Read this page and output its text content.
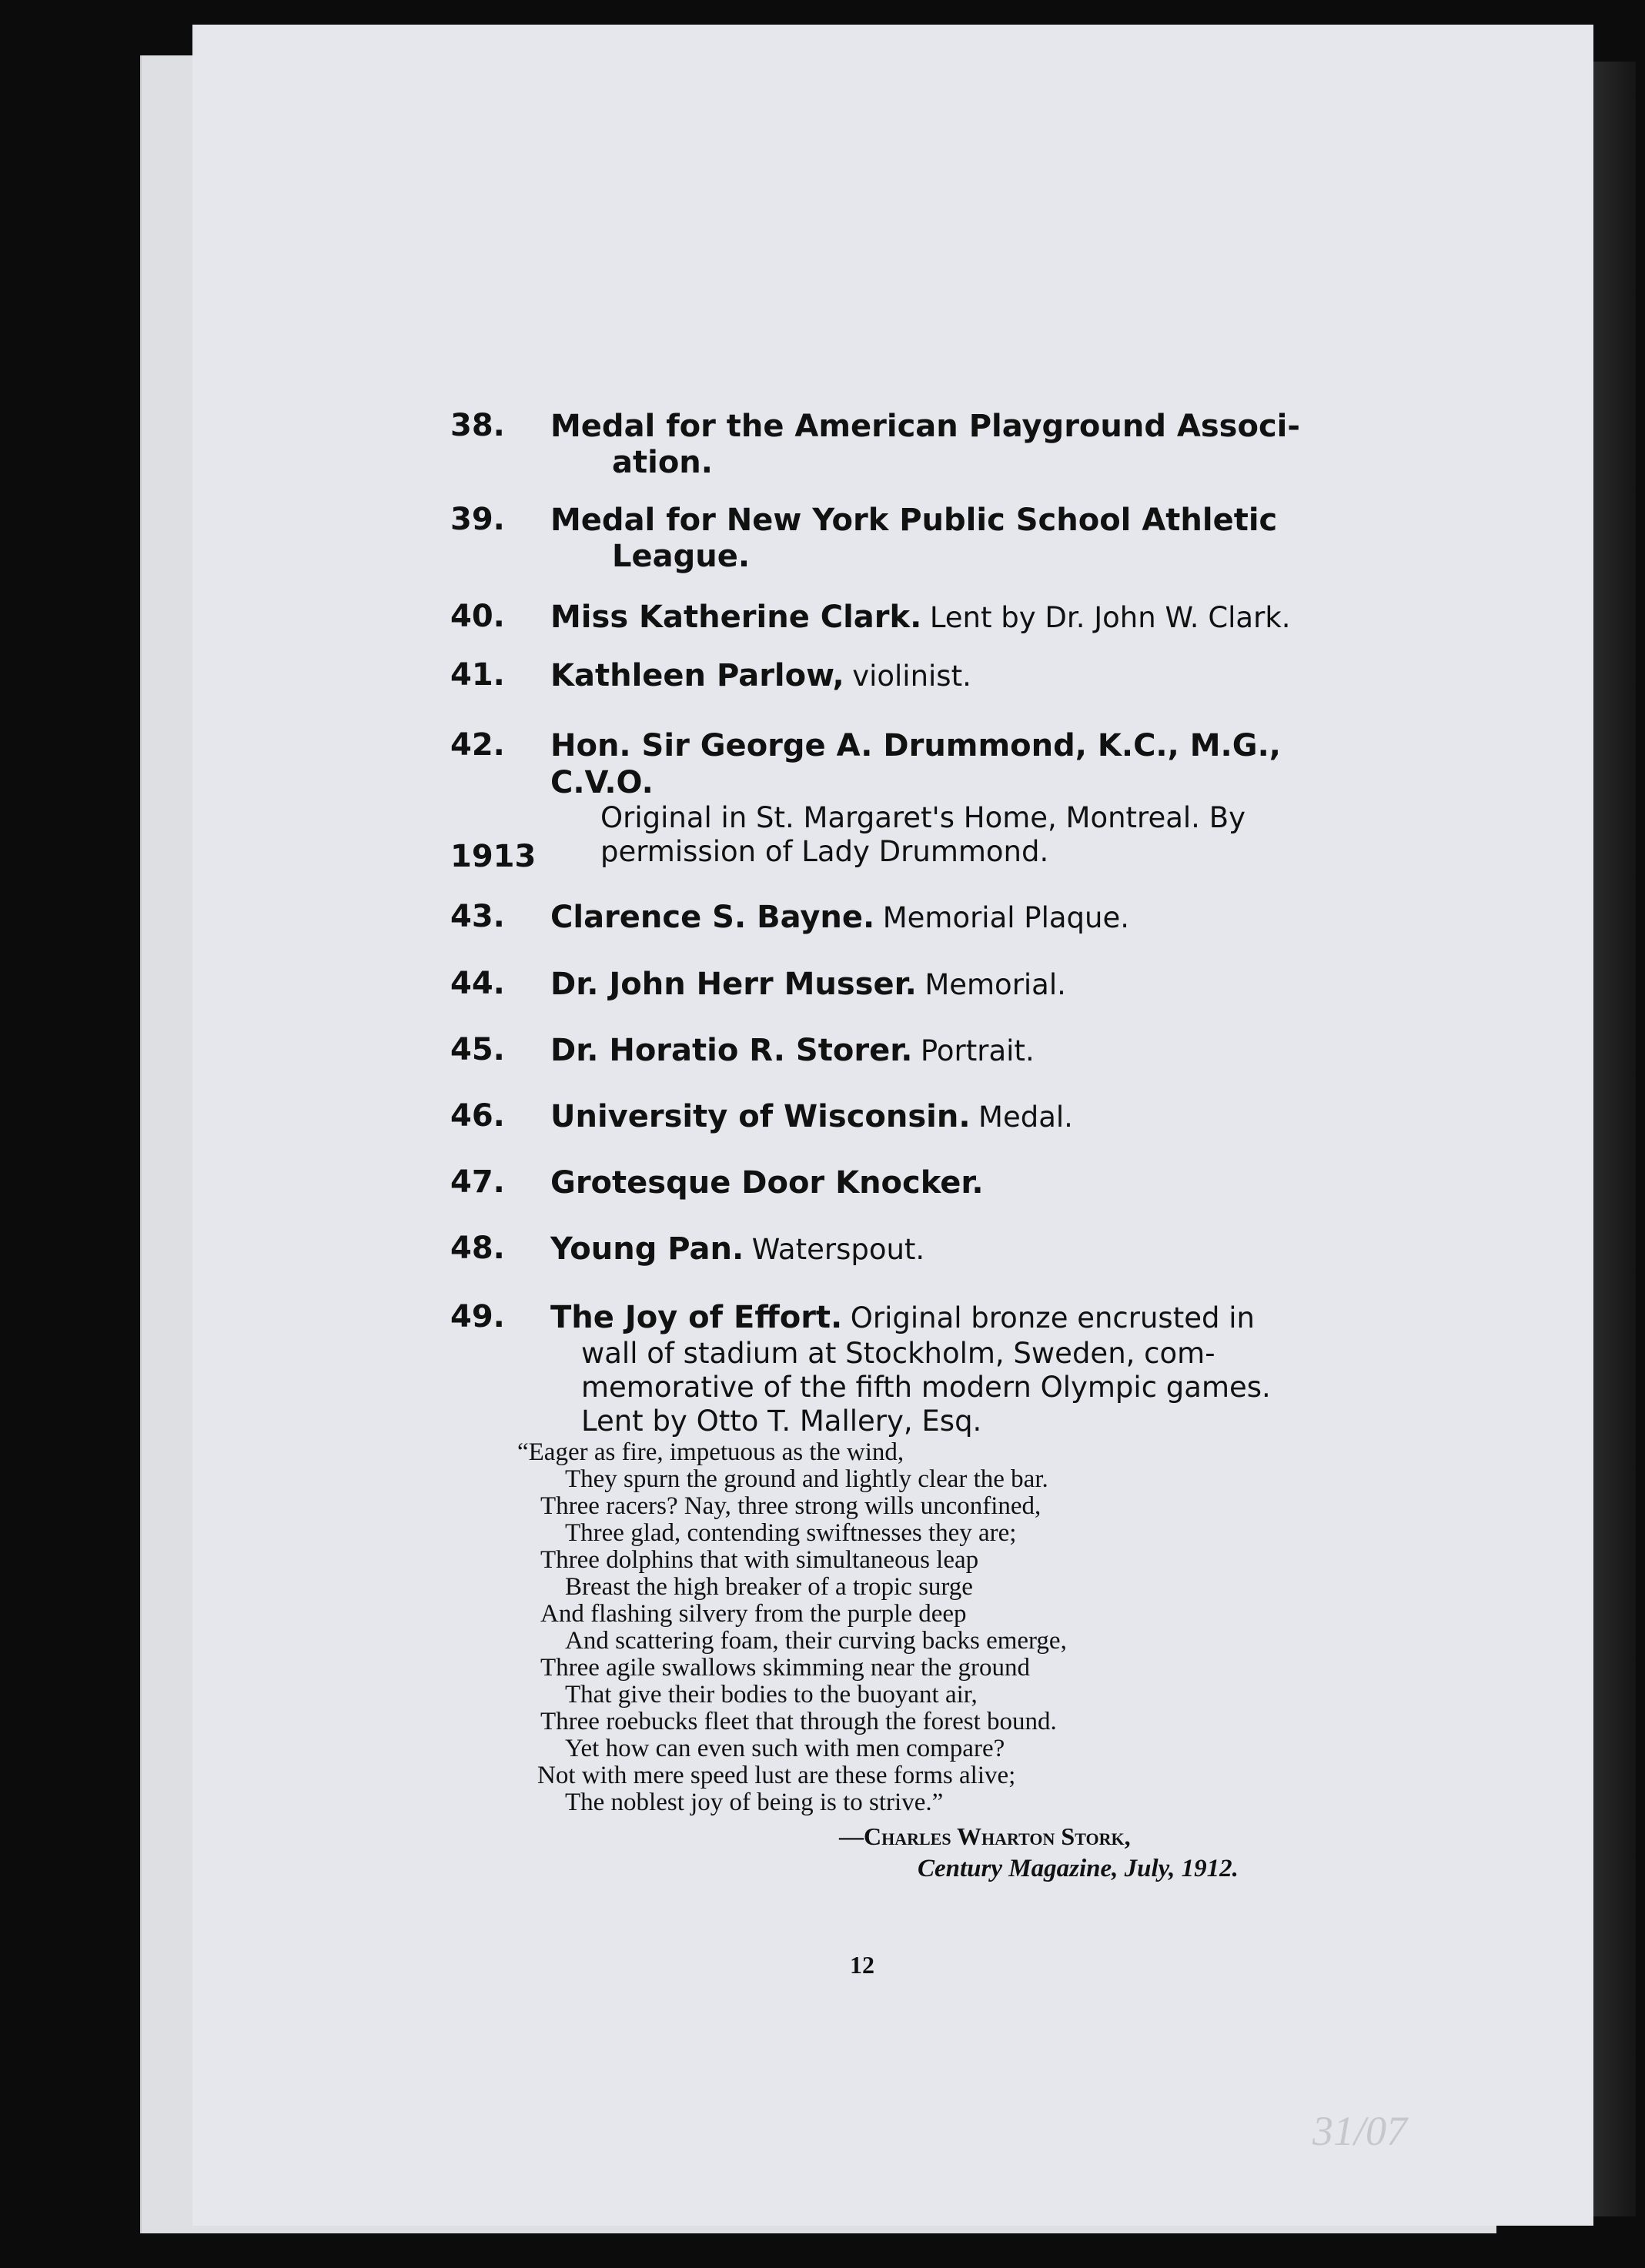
38.	Medal for the American Playground Associ-
ation.
39.	Medal for New York Public School Athletic
League.
40.	Miss Katherine Clark. Lent by Dr. John W. Clark.
41.	Kathleen Parlow, violinist.
42.	Hon. Sir George A. Drummond, K.C., M.G., C.V.O.
Original in St. Margaret's Home, Montreal. By
permission of Lady Drummond.
1913
43.	Clarence S. Bayne. Memorial Plaque.
44.	Dr. John Herr Musser. Memorial.
45.	Dr. Horatio R. Storer. Portrait.
46.	University of Wisconsin. Medal.
47.	Grotesque Door Knocker.
48.	Young Pan. Waterspout.
49.	The Joy of Effort. Original bronze encrusted in
wall of stadium at Stockholm, Sweden, com-
memorative of the fifth modern Olympic games.
Lent by Otto T. Mallery, Esq.
“Eager as fire, impetuous as the wind,
They spurn the ground and lightly clear the bar.
Three racers? Nay, three strong wills unconfined,
Three glad, contending swiftnesses they are;
Three dolphins that with simultaneous leap
Breast the high breaker of a tropic surge
And flashing silvery from the purple deep
And scattering foam, their curving backs emerge,
Three agile swallows skimming near the ground
That give their bodies to the buoyant air,
Three roebucks fleet that through the forest bound.
Yet how can even such with men compare?
Not with mere speed lust are these forms alive;
The noblest joy of being is to strive.”
—Charles Wharton Stork,
Century Magazine, July, 1912.
12
31/07
